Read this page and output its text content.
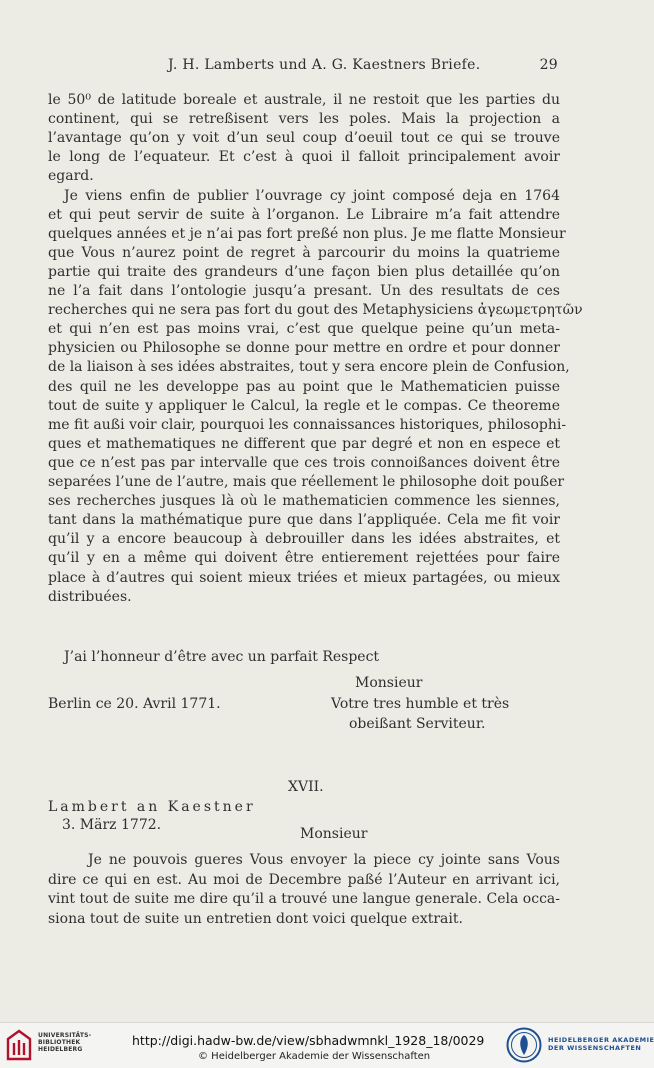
J. H. Lamberts und A. G. Kaestners Briefe.	29
le 50⁰ de latitude boreale et australe, il ne restoit que les parties du
continent, qui se retreßisent vers les poles. Mais la projection a
l’avantage qu’on y voit d’un seul coup d’oeuil tout ce qui se trouve
le long de l’equateur. Et c’est à quoi il falloit principalement avoir
egard.
Je viens enfin de publier l’ouvrage cy joint composé deja en 1764
et qui peut servir de suite à l’organon. Le Libraire m’a fait attendre
quelques années et je n’ai pas fort preßé non plus. Je me flatte Monsieur
que Vous n’aurez point de regret à parcourir du moins la quatrieme
partie qui traite des grandeurs d’une façon bien plus detaillée qu’on
ne l’a fait dans l’ontologie jusqu’a presant. Un des resultats de ces
recherches qui ne sera pas fort du gout des Metaphysiciens ἀγεωμετρητῶν
et qui n’en est pas moins vrai, c’est que quelque peine qu’un meta-
physicien ou Philosophe se donne pour mettre en ordre et pour donner
de la liaison à ses idées abstraites, tout y sera encore plein de Confusion,
des quil ne les developpe pas au point que le Mathematicien puisse
tout de suite y appliquer le Calcul, la regle et le compas. Ce theoreme
me fit außi voir clair, pourquoi les connaissances historiques, philosophi-
ques et mathematiques ne different que par degré et non en espece et
que ce n’est pas par intervalle que ces trois connoißances doivent être
separées l’une de l’autre, mais que réellement le philosophe doit poußer
ses recherches jusques là où le mathematicien commence les siennes,
tant dans la mathématique pure que dans l’appliquée. Cela me fit voir
qu’il y a encore beaucoup à debrouiller dans les idées abstraites, et
qu’il y en a même qui doivent être entierement rejettées pour faire
place à d’autres qui soient mieux triées et mieux partagées, ou mieux
distribuées.
J’ai l’honneur d’être avec un parfait Respect
Monsieur
Berlin ce 20. Avril 1771.	Votre tres humble et très
obeißant Serviteur.
XVII.
Lambert an Kaestner
3. März 1772.
Monsieur
Je ne pouvois gueres Vous envoyer la piece cy jointe sans Vous
dire ce qui en est. Au moi de Decembre paßé l’Auteur en arrivant ici,
vint tout de suite me dire qu’il a trouvé une langue generale. Cela occa-
siona tout de suite un entretien dont voici quelque extrait.
UNIVERSITÄTS-
BIBLIOTHEK
HEIDELBERG
http://digi.hadw-bw.de/view/sbhadwmnkl_1928_18/0029
© Heidelberger Akademie der Wissenschaften
HEIDELBERGER AKADEMIE
DER WISSENSCHAFTEN
